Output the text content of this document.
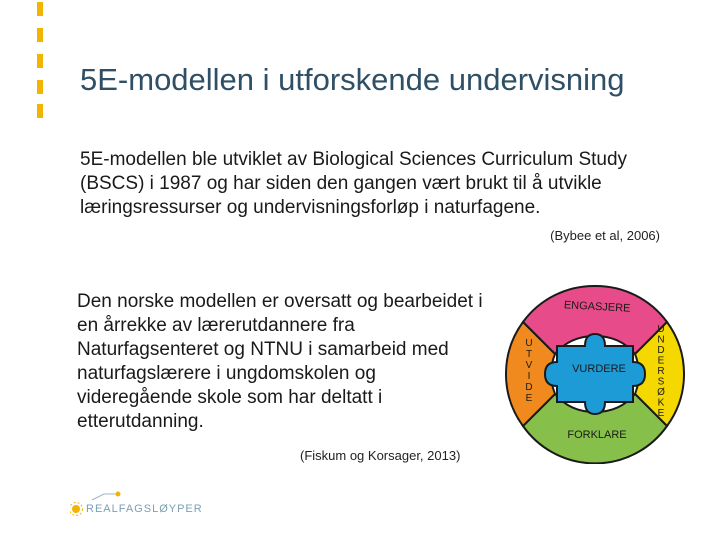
5E-modellen i utforskende undervisning
5E-modellen ble utviklet av Biological Sciences Curriculum Study (BSCS) i 1987 og har siden den gangen vært brukt til å utvikle læringsressurser og undervisningsforløp i naturfagene.
(Bybee et al, 2006)
Den norske modellen er oversatt og bearbeidet i en årrekke av lærerutdannere fra Naturfagsenteret og NTNU i samarbeid med naturfagslærere i ungdomskolen og videregående skole som har deltatt i etterutdanning.
(Fiskum og Korsager, 2013)
ENGASJERE
VURDERE
FORKLARE
U
T
V
I
D
E
U
N
D
E
R
S
Ø
K
E
REALFAGSLØYPER
